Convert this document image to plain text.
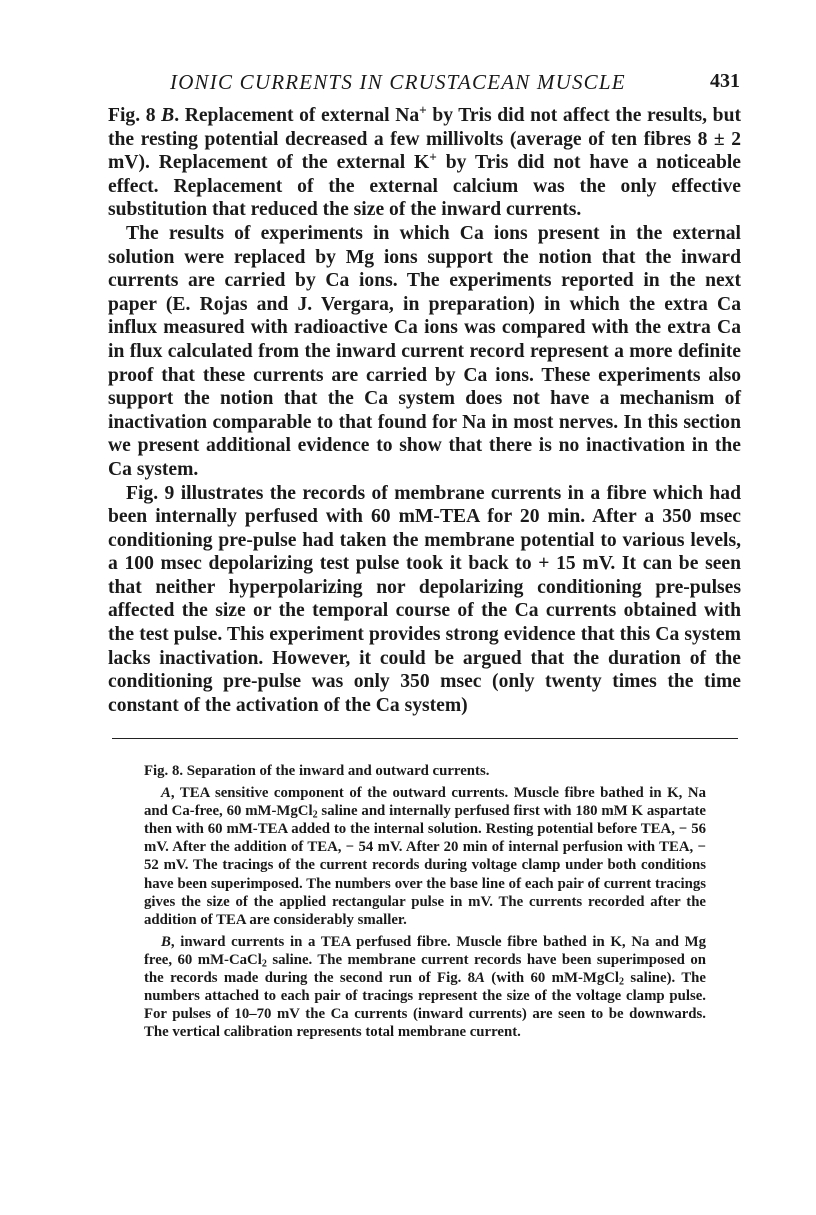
IONIC CURRENTS IN CRUSTACEAN MUSCLE	431

Fig. 8 B. Replacement of external Na+ by Tris did not affect the results, but the resting potential decreased a few millivolts (average of ten fibres 8 ± 2 mV). Replacement of the external K+ by Tris did not have a noticeable effect. Replacement of the external calcium was the only effective substitution that reduced the size of the inward currents.

The results of experiments in which Ca ions present in the external solution were replaced by Mg ions support the notion that the inward currents are carried by Ca ions. The experiments reported in the next paper (E. Rojas and J. Vergara, in preparation) in which the extra Ca influx measured with radioactive Ca ions was compared with the extra Ca in flux calculated from the inward current record represent a more definite proof that these currents are carried by Ca ions. These experiments also support the notion that the Ca system does not have a mechanism of inactivation comparable to that found for Na in most nerves. In this section we present additional evidence to show that there is no inactivation in the Ca system.

Fig. 9 illustrates the records of membrane currents in a fibre which had been internally perfused with 60 mM-TEA for 20 min. After a 350 msec conditioning pre-pulse had taken the membrane potential to various levels, a 100 msec depolarizing test pulse took it back to + 15 mV. It can be seen that neither hyperpolarizing nor depolarizing conditioning pre-pulses affected the size or the temporal course of the Ca currents obtained with the test pulse. This experiment provides strong evidence that this Ca system lacks inactivation. However, it could be argued that the duration of the conditioning pre-pulse was only 350 msec (only twenty times the time constant of the activation of the Ca system)

Fig. 8. Separation of the inward and outward currents.

A, TEA sensitive component of the outward currents. Muscle fibre bathed in K, Na and Ca-free, 60 mM-MgCl2 saline and internally perfused first with 180 mM K aspartate then with 60 mM-TEA added to the internal solution. Resting potential before TEA, − 56 mV. After the addition of TEA, − 54 mV. After 20 min of internal perfusion with TEA, − 52 mV. The tracings of the current records during voltage clamp under both conditions have been superimposed. The numbers over the base line of each pair of current tracings gives the size of the applied rectangular pulse in mV. The currents recorded after the addition of TEA are considerably smaller.

B, inward currents in a TEA perfused fibre. Muscle fibre bathed in K, Na and Mg free, 60 mM-CaCl2 saline. The membrane current records have been superimposed on the records made during the second run of Fig. 8A (with 60 mM-MgCl2 saline). The numbers attached to each pair of tracings represent the size of the voltage clamp pulse. For pulses of 10–70 mV the Ca currents (inward currents) are seen to be downwards. The vertical calibration represents total membrane current.
